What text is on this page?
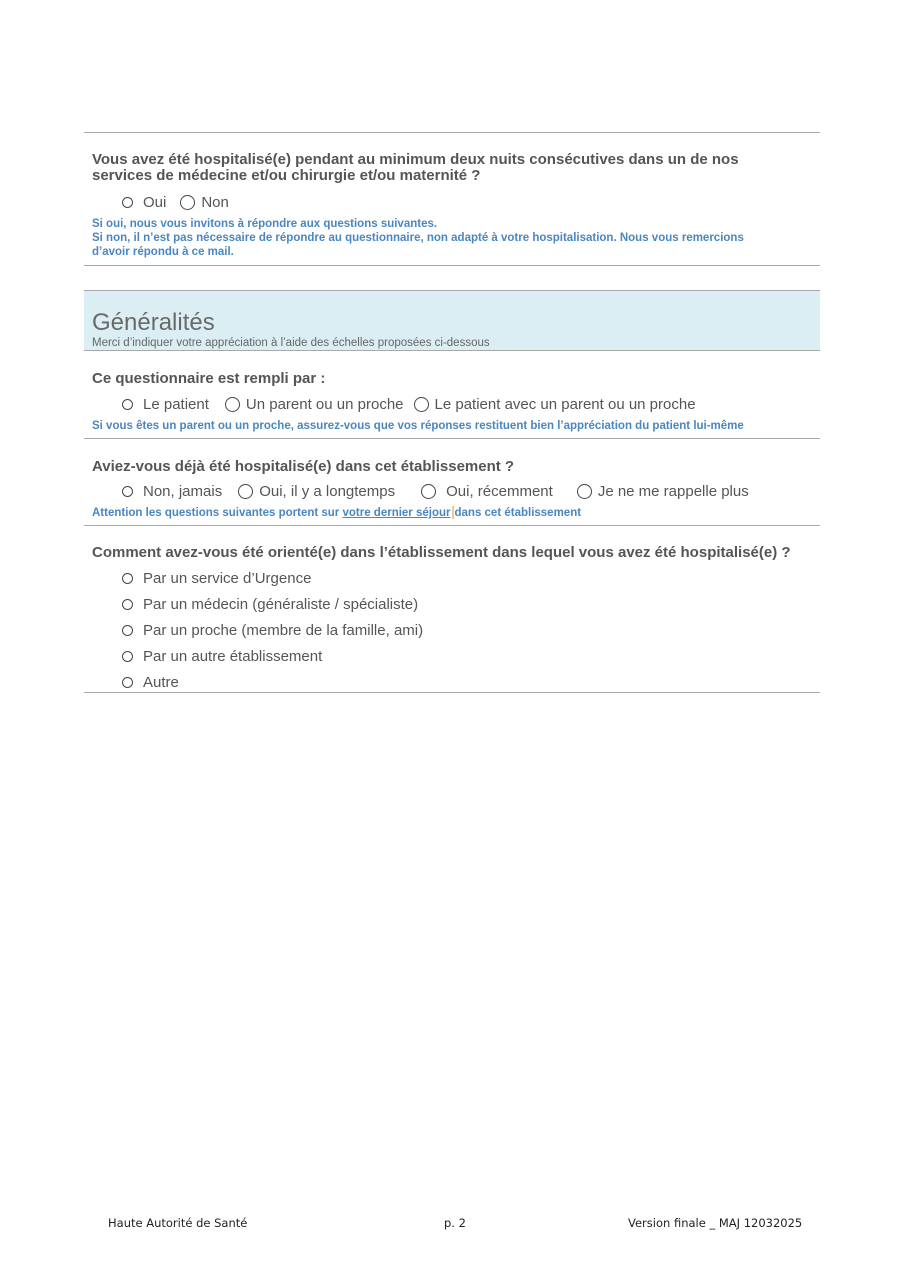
Vous avez été hospitalisé(e) pendant au minimum deux nuits consécutives dans un de nos
services de médecine et/ou chirurgie et/ou maternité ?
Oui Non
Si oui, nous vous invitons à répondre aux questions suivantes.
Si non, il n’est pas nécessaire de répondre au questionnaire, non adapté à votre hospitalisation. Nous vous remercions
d’avoir répondu à ce mail.
Généralités
Merci d’indiquer votre appréciation à l’aide des échelles proposées ci-dessous
Ce questionnaire est rempli par :
Le patient Un parent ou un proche Le patient avec un parent ou un proche
Si vous êtes un parent ou un proche, assurez-vous que vos réponses restituent bien l’appréciation du patient lui-même
Aviez-vous déjà été hospitalisé(e) dans cet établissement ?
Non, jamais Oui, il y a longtemps	Oui, récemment	Je ne me rappelle plus
Attention les questions suivantes portent sur votre dernier séjour dans cet établissement
Comment avez-vous été orienté(e) dans l’établissement dans lequel vous avez été hospitalisé(e) ?
Par un service d’Urgence
Par un médecin (généraliste / spécialiste)
Par un proche (membre de la famille, ami)
Par un autre établissement
Autre
Haute Autorité de Santé	p. 2	Version finale _ MAJ 12032025
